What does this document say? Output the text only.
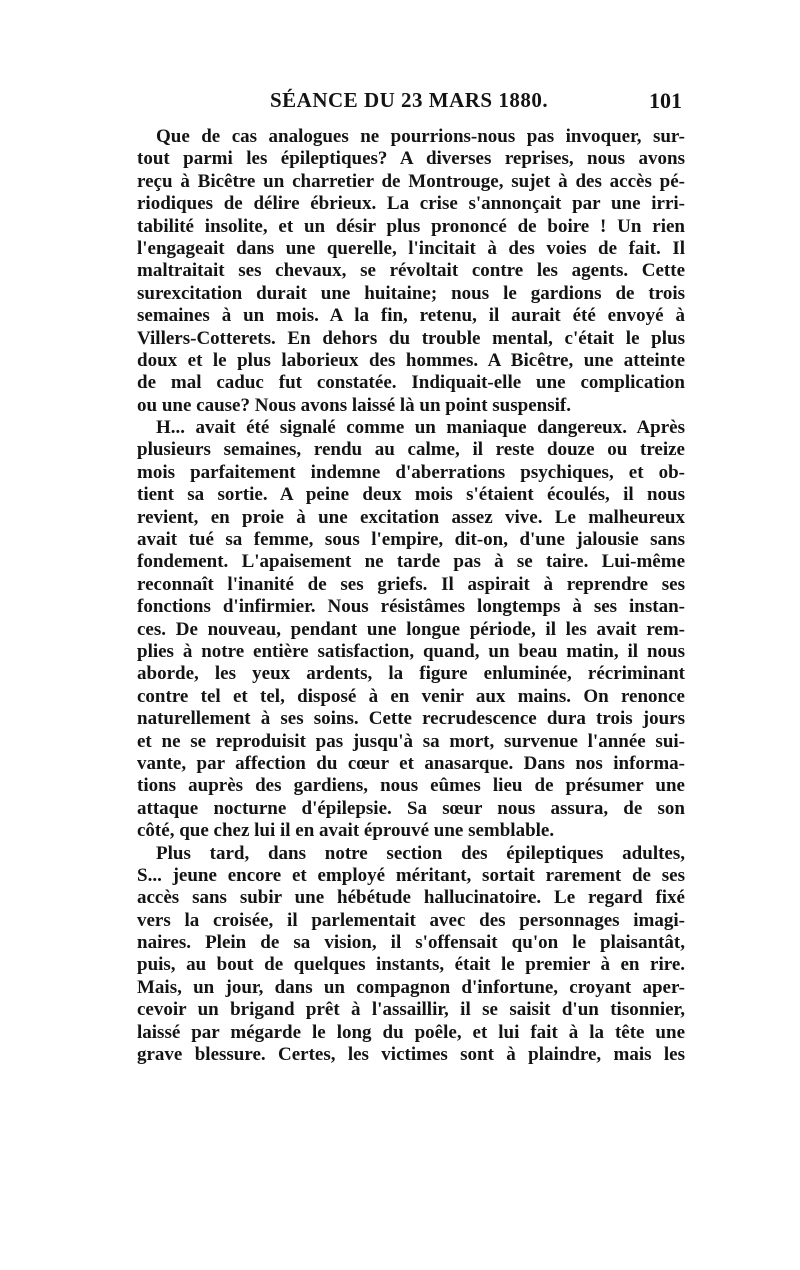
SÉANCE DU 23 MARS 1880.	101
Que de cas analogues ne pourrions-nous pas invoquer, sur-
tout parmi les épileptiques? A diverses reprises, nous avons
reçu à Bicêtre un charretier de Montrouge, sujet à des accès pé-
riodiques de délire ébrieux. La crise s'annonçait par une irri-
tabilité insolite, et un désir plus prononcé de boire ! Un rien
l'engageait dans une querelle, l'incitait à des voies de fait. Il
maltraitait ses chevaux, se révoltait contre les agents. Cette
surexcitation durait une huitaine; nous le gardions de trois
semaines à un mois. A la fin, retenu, il aurait été envoyé à
Villers-Cotterets. En dehors du trouble mental, c'était le plus
doux et le plus laborieux des hommes. A Bicêtre, une atteinte
de mal caduc fut constatée. Indiquait-elle une complication
ou une cause? Nous avons laissé là un point suspensif.
H... avait été signalé comme un maniaque dangereux. Après
plusieurs semaines, rendu au calme, il reste douze ou treize
mois parfaitement indemne d'aberrations psychiques, et ob-
tient sa sortie. A peine deux mois s'étaient écoulés, il nous
revient, en proie à une excitation assez vive. Le malheureux
avait tué sa femme, sous l'empire, dit-on, d'une jalousie sans
fondement. L'apaisement ne tarde pas à se taire. Lui-même
reconnaît l'inanité de ses griefs. Il aspirait à reprendre ses
fonctions d'infirmier. Nous résistâmes longtemps à ses instan-
ces. De nouveau, pendant une longue période, il les avait rem-
plies à notre entière satisfaction, quand, un beau matin, il nous
aborde, les yeux ardents, la figure enluminée, récriminant
contre tel et tel, disposé à en venir aux mains. On renonce
naturellement à ses soins. Cette recrudescence dura trois jours
et ne se reproduisit pas jusqu'à sa mort, survenue l'année sui-
vante, par affection du cœur et anasarque. Dans nos informa-
tions auprès des gardiens, nous eûmes lieu de présumer une
attaque nocturne d'épilepsie. Sa sœur nous assura, de son
côté, que chez lui il en avait éprouvé une semblable.
Plus tard, dans notre section des épileptiques adultes,
S... jeune encore et employé méritant, sortait rarement de ses
accès sans subir une hébétude hallucinatoire. Le regard fixé
vers la croisée, il parlementait avec des personnages imagi-
naires. Plein de sa vision, il s'offensait qu'on le plaisantât,
puis, au bout de quelques instants, était le premier à en rire.
Mais, un jour, dans un compagnon d'infortune, croyant aper-
cevoir un brigand prêt à l'assaillir, il se saisit d'un tisonnier,
laissé par mégarde le long du poêle, et lui fait à la tête une
grave blessure. Certes, les victimes sont à plaindre, mais les
